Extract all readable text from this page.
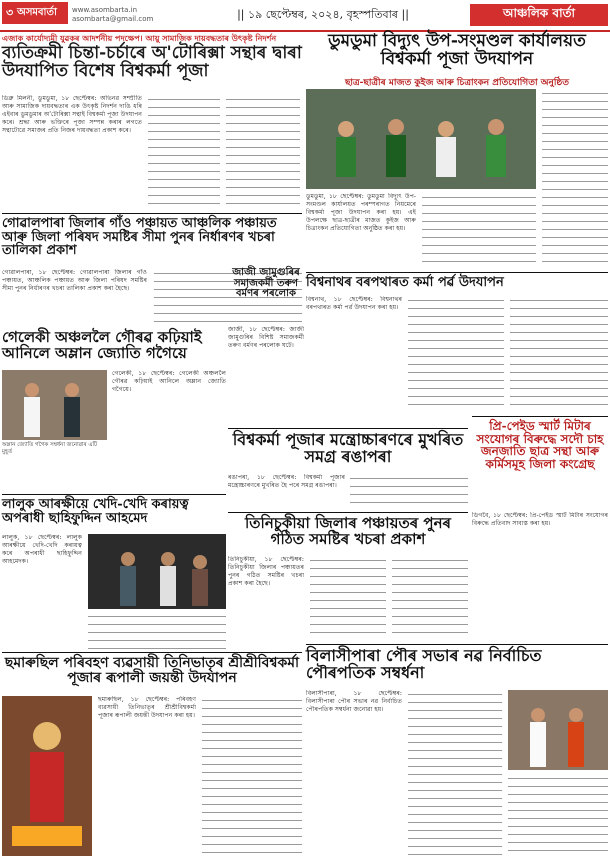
৩ অসমবাৰ্তা www.asombarta.in
asombarta@gmail.com	|| ১৯ ছেপ্টেম্বৰ, ২০২৪, বৃহস্পতিবাৰ ||	আঞ্চলিক বাৰ্তা
এজাক কাৰ্যোদ্যমী যুৱকৰ আদৰ্শনীয় পদক্ষেপ। আয়ু সামাজিক দায়বদ্ধতাৰ উৎকৃষ্ট নিদৰ্শন
ব্যতিক্ৰমী চিন্তা-চৰ্চাৰে অ'টোৰিক্সা সন্থাৰ দ্বাৰা উদযাপিত বিশেষ বিশ্বকৰ্মা পূজা
ডিব্ৰু মিলনী, ডুমডুমা, ১৮ ছেপ্টেম্বৰ: অভিনৱ সম্প্ৰীতি আৰু সামাজিক দায়বদ্ধতাৰ এক উৎকৃষ্ট নিদৰ্শন দাঙি ধৰি এইবাৰ ডুমডুমাৰ অ'টোৰিক্সা সন্থাই বিশ্বকৰ্মা পূজা উদযাপন কৰে। শ্ৰদ্ধা আৰু ভক্তিৰে পূজা সম্পন্ন কৰাৰ লগতে সন্থাটোৱে সমাজৰ প্ৰতি নিজৰ দায়বদ্ধতা প্ৰকাশ কৰে।
ডুমডুমা বিদ্যুৎ উপ-সংমণ্ডল কাৰ্যালয়ত বিশ্বকৰ্মা পূজা উদযাপন
ছাত্ৰ-ছাত্ৰীৰ মাজত কুইজ আৰু চিত্ৰাংকন প্ৰতিযোগিতা অনুষ্ঠিত
ডুমডুমা, ১৮ ছেপ্টেম্বৰ: ডুমডুমা বিদ্যুৎ উপ-সংমণ্ডল কাৰ্যালয়ত পৰম্পৰাগত নিয়মেৰে বিশ্বকৰ্মা পূজা উদযাপন কৰা হয়। এই উপলক্ষে ছাত্ৰ-ছাত্ৰীৰ মাজত কুইজ আৰু চিত্ৰাংকন প্ৰতিযোগিতা অনুষ্ঠিত কৰা হয়।
গোৱালপাৰা জিলাৰ গাঁও পঞ্চায়ত আঞ্চলিক পঞ্চায়ত আৰু জিলা পৰিষদ সমষ্টিৰ সীমা পুনৰ নিৰ্ধাৰণৰ খচৰা তালিকা প্ৰকাশ
গোৱালপাৰা, ১৮ ছেপ্টেম্বৰ: গোৱালপাৰা জিলাৰ গাঁও পঞ্চায়ত, আঞ্চলিক পঞ্চায়ত আৰু জিলা পৰিষদ সমষ্টিৰ সীমা পুনৰ নিৰ্ধাৰণৰ খচৰা তালিকা প্ৰকাশ কৰা হৈছে।
জাজী জামুগুৰিৰ সমাজকৰ্মী তৰুণ বৰ্মণৰ পৰলোক
জাজী, ১৮ ছেপ্টেম্বৰ: জাজী জামুগুৰিৰ বিশিষ্ট সমাজকৰ্মী তৰুণ বৰ্মণৰ পৰলোক ঘটে।
গেলেকী অঞ্চললৈ গৌৰৱ কঢ়িয়াই আনিলে অম্লান জ্যোতি গগৈয়ে
গেলেকী, ১৮ ছেপ্টেম্বৰ: গেলেকী অঞ্চললৈ গৌৰৱ কঢ়িয়াই আনিলে অম্লান জ্যোতি গগৈয়ে।
অম্লান জ্যোতি গগৈক সম্বৰ্ধনা জনোৱাৰ এটি মুহূৰ্ত
বিশ্বনাথৰ বৰপথাৰত কৰ্মা পৰ্ৱ উদযাপন
বিশ্বনাথ, ১৮ ছেপ্টেম্বৰ: বিশ্বনাথৰ বৰপথাৰত কৰ্মা পৰ্ৱ উদযাপন কৰা হয়।
বিশ্বকৰ্মা পূজাৰ মন্ত্ৰোচ্চাৰণৰে মুখৰিত সমগ্ৰ ৰঙাপৰা
ৰঙাপৰা, ১৮ ছেপ্টেম্বৰ: বিশ্বকৰ্মা পূজাৰ মন্ত্ৰোচ্চাৰণৰে মুখৰিত হৈ পৰে সমগ্ৰ ৰঙাপৰা।
প্ৰি-পেইড স্মাৰ্ট মিটাৰ সংযোগৰ বিৰুদ্ধে সদৌ চাহ জনজাতি ছাত্ৰ সন্থা আৰু কৰ্মিসমূহ জিলা কংগ্ৰেছ
ডিগবৈ, ১৮ ছেপ্টেম্বৰ: প্ৰি-পেইড স্মাৰ্ট মিটাৰ সংযোগৰ বিৰুদ্ধে প্ৰতিবাদ সাব্যস্ত কৰা হয়।
লালুক আৰক্ষীয়ে খেদি-খেদি কৰায়ত্ব অপৰাধী ছাহিফুদ্দিন আহমেদ
লালুক, ১৮ ছেপ্টেম্বৰ: লালুক আৰক্ষীয়ে খেদি-খেদি কৰায়ত্ব কৰে অপৰাধী ছাহিফুদ্দিন আহমেদক।
তিনিচুকীয়া জিলাৰ পঞ্চায়তৰ পুনৰ গঠিত সমষ্টিৰ খচৰা প্ৰকাশ
তিনিচুকীয়া, ১৮ ছেপ্টেম্বৰ: তিনিচুকীয়া জিলাৰ পঞ্চায়তৰ পুনৰ গঠিত সমষ্টিৰ খচৰা প্ৰকাশ কৰা হৈছে।
ছমাৰুছিল পৰিবহণ ব্যৱসায়ী তিনিভাতৃৰ শ্ৰীশ্ৰীবিশ্বকৰ্মা পূজাৰ ৰূপালী জয়ন্তী উদযাপন
ছমাৰুছিল, ১৮ ছেপ্টেম্বৰ: পৰিবহণ ব্যৱসায়ী তিনিভাতৃৰ শ্ৰীশ্ৰীবিশ্বকৰ্মা পূজাৰ ৰূপালী জয়ন্তী উদযাপন কৰা হয়।
বিলাসীপাৰা পৌৰ সভাৰ নৱ নিৰ্বাচিত পৌৰপতিক সম্বৰ্ধনা
বিলাসীপাৰা, ১৮ ছেপ্টেম্বৰ: বিলাসীপাৰা পৌৰ সভাৰ নৱ নিৰ্বাচিত পৌৰপতিক সম্বৰ্ধনা জনোৱা হয়।
